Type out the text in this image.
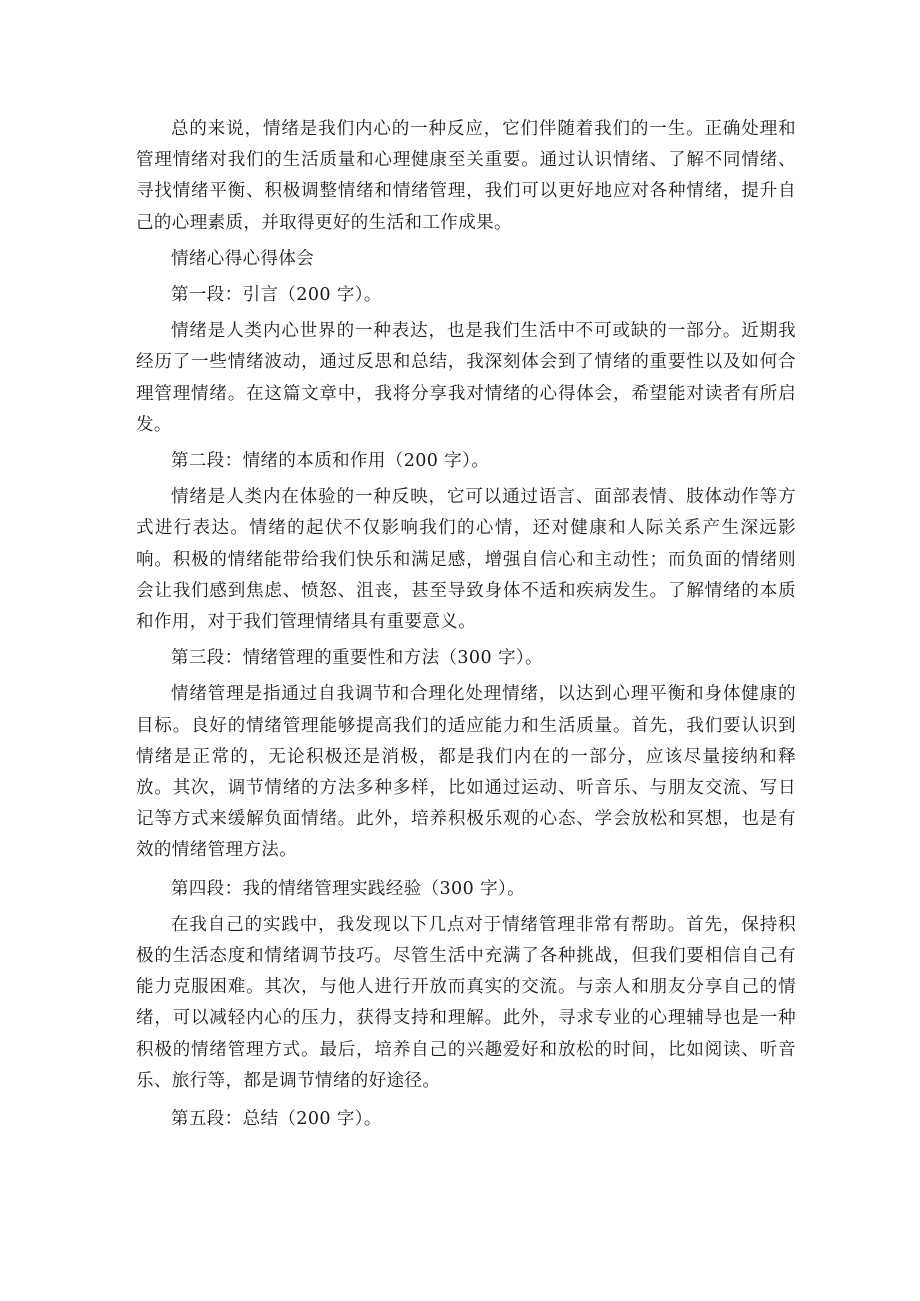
总的来说，情绪是我们内心的一种反应，它们伴随着我们的一生。正确处理和管理情绪对我们的生活质量和心理健康至关重要。通过认识情绪、了解不同情绪、寻找情绪平衡、积极调整情绪和情绪管理，我们可以更好地应对各种情绪，提升自己的心理素质，并取得更好的生活和工作成果。

情绪心得心得体会

第一段：引言（200 字）。

情绪是人类内心世界的一种表达，也是我们生活中不可或缺的一部分。近期我经历了一些情绪波动，通过反思和总结，我深刻体会到了情绪的重要性以及如何合理管理情绪。在这篇文章中，我将分享我对情绪的心得体会，希望能对读者有所启发。

第二段：情绪的本质和作用（200 字）。

情绪是人类内在体验的一种反映，它可以通过语言、面部表情、肢体动作等方式进行表达。情绪的起伏不仅影响我们的心情，还对健康和人际关系产生深远影响。积极的情绪能带给我们快乐和满足感，增强自信心和主动性；而负面的情绪则会让我们感到焦虑、愤怒、沮丧，甚至导致身体不适和疾病发生。了解情绪的本质和作用，对于我们管理情绪具有重要意义。

第三段：情绪管理的重要性和方法（300 字）。

情绪管理是指通过自我调节和合理化处理情绪，以达到心理平衡和身体健康的目标。良好的情绪管理能够提高我们的适应能力和生活质量。首先，我们要认识到情绪是正常的，无论积极还是消极，都是我们内在的一部分，应该尽量接纳和释放。其次，调节情绪的方法多种多样，比如通过运动、听音乐、与朋友交流、写日记等方式来缓解负面情绪。此外，培养积极乐观的心态、学会放松和冥想，也是有效的情绪管理方法。

第四段：我的情绪管理实践经验（300 字）。

在我自己的实践中，我发现以下几点对于情绪管理非常有帮助。首先，保持积极的生活态度和情绪调节技巧。尽管生活中充满了各种挑战，但我们要相信自己有能力克服困难。其次，与他人进行开放而真实的交流。与亲人和朋友分享自己的情绪，可以减轻内心的压力，获得支持和理解。此外，寻求专业的心理辅导也是一种积极的情绪管理方式。最后，培养自己的兴趣爱好和放松的时间，比如阅读、听音乐、旅行等，都是调节情绪的好途径。

第五段：总结（200 字）。
